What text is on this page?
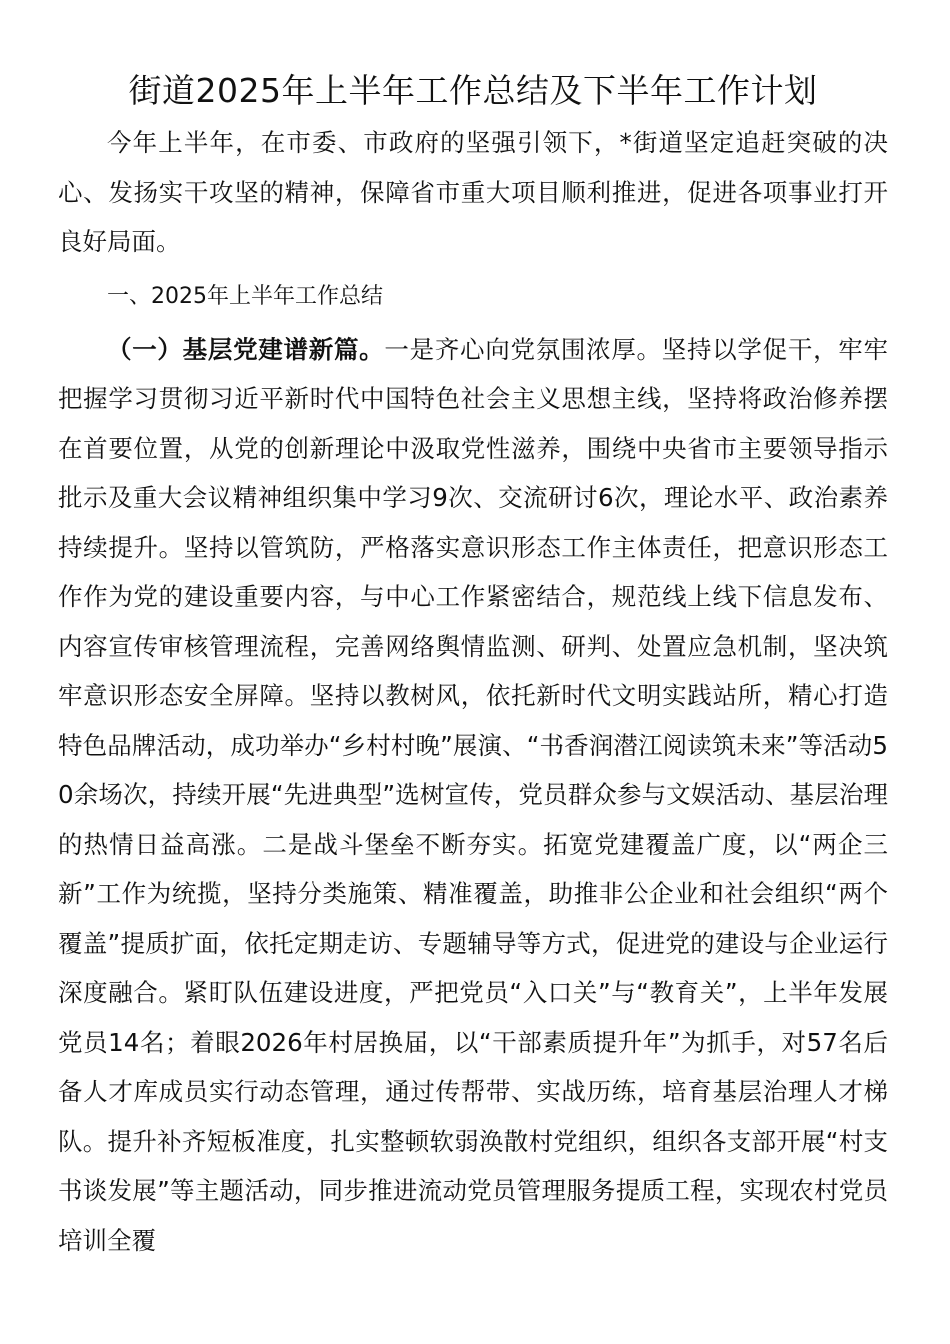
街道2025年上半年工作总结及下半年工作计划

今年上半年，在市委、市政府的坚强引领下，*街道坚定追赶突破的决心、发扬实干攻坚的精神，保障省市重大项目顺利推进，促进各项事业打开良好局面。

一、2025年上半年工作总结

（一）基层党建谱新篇。一是齐心向党氛围浓厚。坚持以学促干，牢牢把握学习贯彻习近平新时代中国特色社会主义思想主线，坚持将政治修养摆在首要位置，从党的创新理论中汲取党性滋养，围绕中央省市主要领导指示批示及重大会议精神组织集中学习9次、交流研讨6次，理论水平、政治素养持续提升。坚持以管筑防，严格落实意识形态工作主体责任，把意识形态工作作为党的建设重要内容，与中心工作紧密结合，规范线上线下信息发布、内容宣传审核管理流程，完善网络舆情监测、研判、处置应急机制，坚决筑牢意识形态安全屏障。坚持以教树风，依托新时代文明实践站所，精心打造特色品牌活动，成功举办“乡村村晚”展演、“书香润潜江阅读筑未来”等活动50余场次，持续开展“先进典型”选树宣传，党员群众参与文娱活动、基层治理的热情日益高涨。二是战斗堡垒不断夯实。拓宽党建覆盖广度，以“两企三新”工作为统揽，坚持分类施策、精准覆盖，助推非公企业和社会组织“两个覆盖”提质扩面，依托定期走访、专题辅导等方式，促进党的建设与企业运行深度融合。紧盯队伍建设进度，严把党员“入口关”与“教育关”，上半年发展党员14名；着眼2026年村居换届，以“干部素质提升年”为抓手，对57名后备人才库成员实行动态管理，通过传帮带、实战历练，培育基层治理人才梯队。提升补齐短板准度，扎实整顿软弱涣散村党组织，组织各支部开展“村支书谈发展”等主题活动，同步推进流动党员管理服务提质工程，实现农村党员培训全覆
